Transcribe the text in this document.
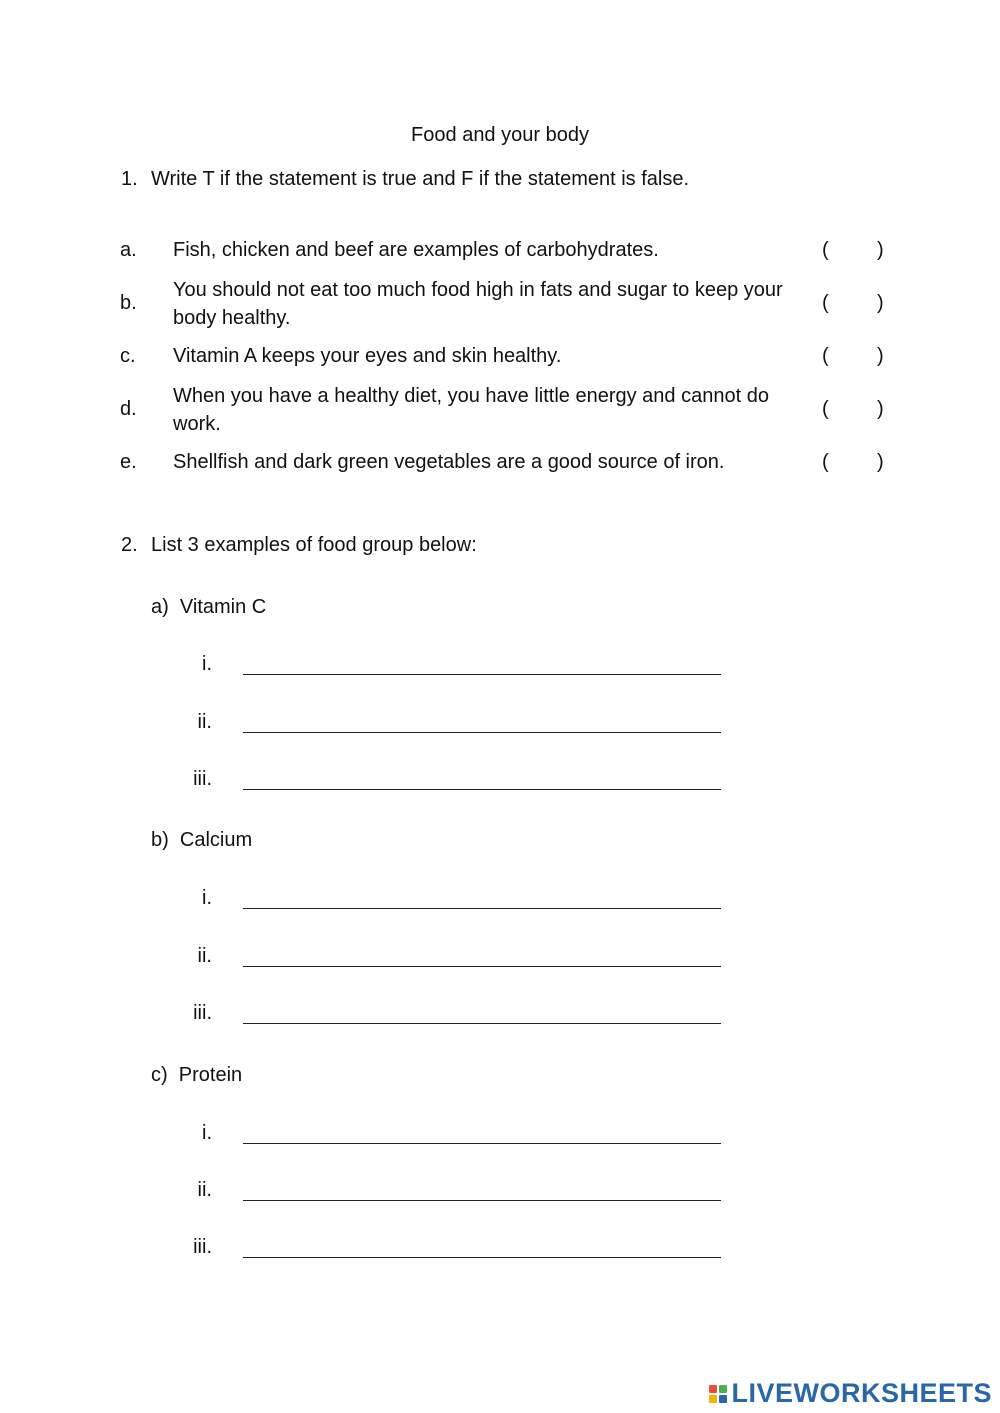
Food and your body
1. Write T if the statement is true and F if the statement is false.
a. Fish, chicken and beef are examples of carbohydrates.	( )
b.
You should not eat too much food high in fats and sugar to keep your body healthy.
( )
c. Vitamin A keeps your eyes and skin healthy.	( )
d.
When you have a healthy diet, you have little energy and cannot do work.
( )
e. Shellfish and dark green vegetables are a good source of iron.	( )
2. List 3 examples of food group below:
a)  Vitamin C
i.
ii.
iii.
b)  Calcium
i.
ii.
iii.
c)  Protein
i.
ii.
iii.
LIVEWORKSHEETS
